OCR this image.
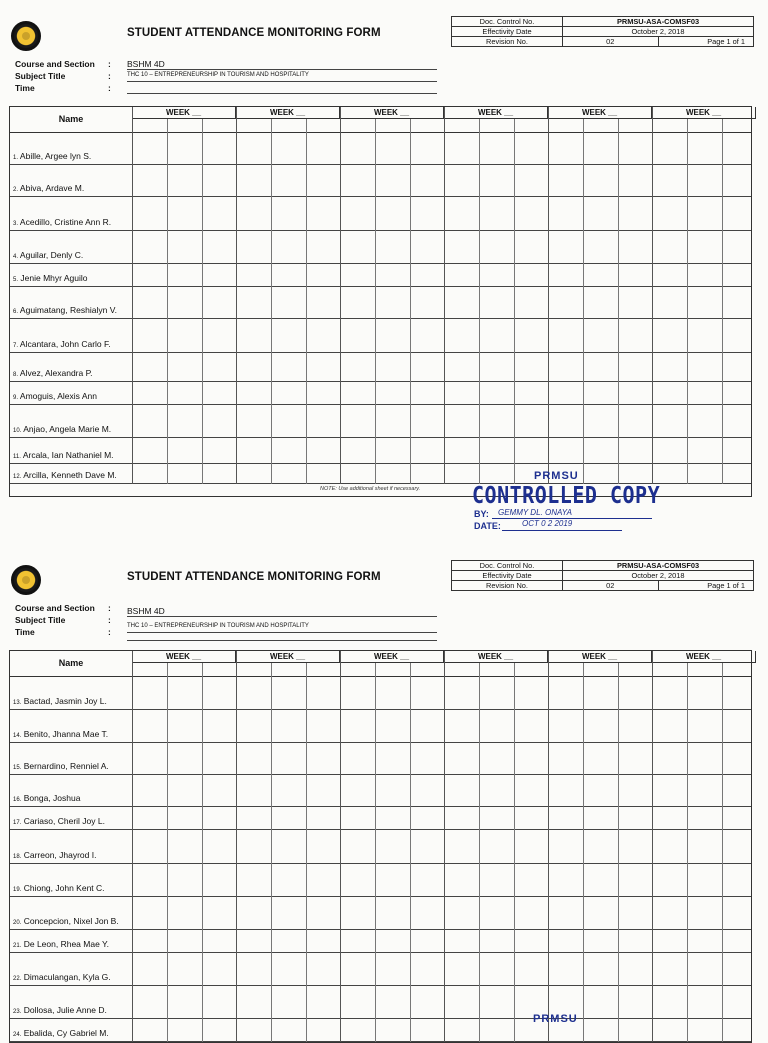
STUDENT ATTENDANCE MONITORING FORM
Doc. Control No.	PRMSU-ASA-COMSF03	
Effectivity Date	October 2, 2018	
Revision No.	02	Page 1 of 1
Course and Section	: BSHM 4D
Subject Title	:	THC 10 – ENTREPRENEURSHIP IN TOURISM AND HOSPITALITY
Time	:
Name
WEEK __	WEEK __	WEEK __	WEEK __	WEEK __	WEEK __
1. Abille, Argee lyn S.
2. Abiva, Ardave M.
3. Acedillo, Cristine Ann R.
4. Aguilar, Denly C.
5. Jenie Mhyr Aguilo
6. Aguimatang, Reshialyn V.
7. Alcantara, John Carlo F.
8. Alvez, Alexandra P.
9. Amoguis, Alexis Ann
10. Anjao, Angela Marie M.
11. Arcala, Ian Nathaniel M.
12. Arcilla, Kenneth Dave M.
NOTE: Use additional sheet if necessary.
PRMSU
CONTROLLED COPY
BY: GEMMY DL. ONAYA
DATE:	OCT 0 2 2019
STUDENT ATTENDANCE MONITORING FORM
Doc. Control No.	PRMSU-ASA-COMSF03	
Effectivity Date	October 2, 2018	
Revision No.	02	Page 1 of 1
Course and Section	: BSHM 4D
Subject Title	:
THC 10 – ENTREPRENEURSHIP IN TOURISM AND HOSPITALITY
Time	:
Name
WEEK __	WEEK __	WEEK __	WEEK __	WEEK __	WEEK __
13. Bactad, Jasmin Joy L.
14. Benito, Jhanna Mae T.
15. Bernardino, Renniel A.
16. Bonga, Joshua
17. Cariaso, Cheril Joy L.
18. Carreon, Jhayrod I.
19. Chiong, John Kent C.
20. Concepcion, Nixel Jon B.
21. De Leon, Rhea Mae Y.
22. Dimaculangan, Kyla G.
23. Dollosa, Julie Anne D.
24. Ebalida, Cy Gabriel M.
PRMSU
